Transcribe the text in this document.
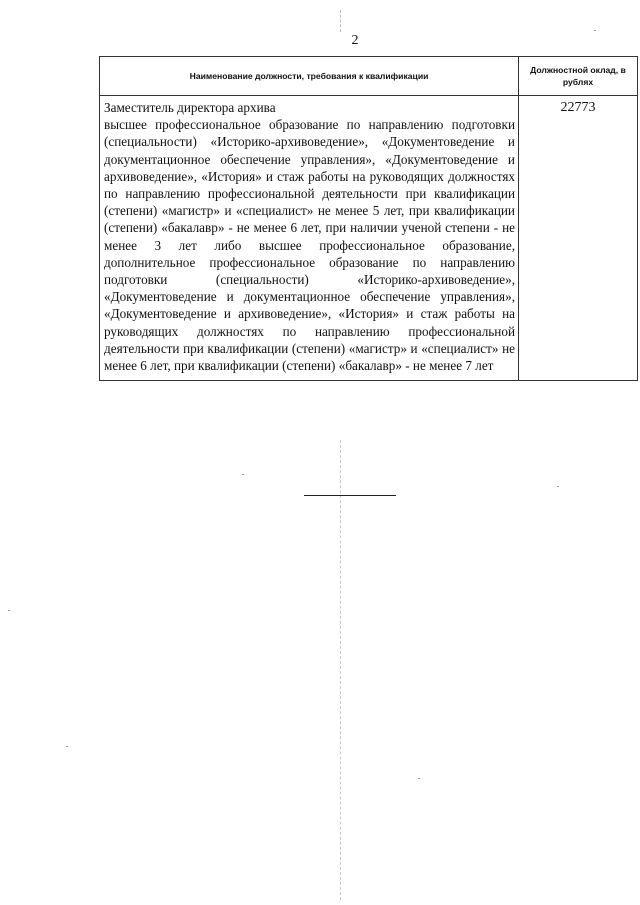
2
Наименование должности, требования к квалификации	Должностной оклад, в рублях

Заместитель директора архива
высшее профессиональное образование по направлению подготовки (специальности) «Историко-архивоведение», «Документоведение и документационное обеспечение управления», «Документоведение и архивоведение», «История» и стаж работы на руководящих должностях по направлению профессиональной деятельности при квалификации (степени) «магистр» и «специалист» не менее 5 лет, при квалификации (степени) «бакалавр» - не менее 6 лет, при наличии ученой степени - не менее 3 лет либо высшее профессиональное образование, дополнительное профессиональное образование по направлению подготовки (специальности) «Историко-архивоведение», «Документоведение и документационное обеспечение управления», «Документоведение и архивоведение», «История» и стаж работы на руководящих должностях по направлению профессиональной деятельности при квалификации (степени) «магистр» и «специалист» не менее 6 лет, при квалификации (степени) «бакалавр» - не менее 7 лет	22773
